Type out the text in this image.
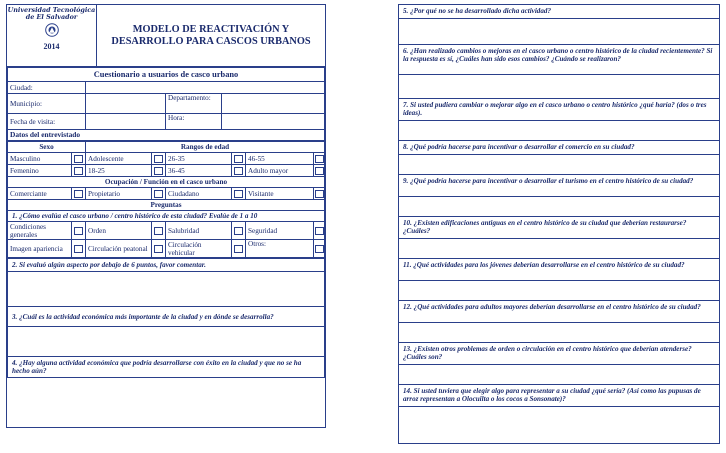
Universidad Tecnológica de El Salvador
2014
MODELO DE REACTIVACIÓN Y DESARROLLO PARA CASCOS URBANOS
Cuestionario a usuarios de casco urbano			
Ciudad:			
Municipio:		Departamento:	
Fecha de visita:		Hora:	
Datos del entrevistado			
Sexo		Rangos de edad					
Masculino		Adolescente		26-35		46-55	
Femenino		18-25		36-45		Adulto mayor	
Ocupación / Función en el casco urbano							
Comerciante		Propietario		Ciudadano		Visitante	
Preguntas							
1. ¿Cómo evalúa el casco urbano / centro histórico de esta ciudad? Evalúe de 1 a 10							
Condiciones generales		Orden		Salubridad		Seguridad	
Imagen apariencia		Circulación peatonal		Circulación vehicular		Otros:	
2. Si evaluó algún aspecto por debajo de 6 puntos, favor comentar.

3. ¿Cuál es la actividad económica más importante de la ciudad y en dónde se desarrolla?

4. ¿Hay alguna actividad económica que podría desarrollarse con éxito en la ciudad y que no se ha hecho aún?
5. ¿Por qué no se ha desarrollado dicha actividad?
6. ¿Han realizado cambios o mejoras en el casco urbano o centro histórico de la ciudad recientemente? Si la respuesta es sí, ¿Cuáles han sido esos cambios? ¿Cuándo se realizaron?
7. Si usted pudiera cambiar o mejorar algo en el casco urbano o centro histórico ¿qué haría? (dos o tres ideas).
8. ¿Qué podría hacerse para incentivar o desarrollar el comercio en su ciudad?
9. ¿Qué podría hacerse para incentivar o desarrollar el turismo en el centro histórico de su ciudad?
10. ¿Existen edificaciones antiguas en el centro histórico de su ciudad que deberían restaurarse? ¿Cuáles?
11. ¿Qué actividades para los jóvenes deberían desarrollarse en el centro histórico de su ciudad?
12. ¿Qué actividades para adultos mayores deberían desarrollarse en el centro histórico de su ciudad?
13. ¿Existen otros problemas de orden o circulación en el centro histórico que deberían atenderse? ¿Cuáles son?
14. Si usted tuviera que elegir algo para representar a su ciudad ¿qué sería? (Así como las pupusas de arroz representan a Olocuilta o los cocos a Sonsonate)?
